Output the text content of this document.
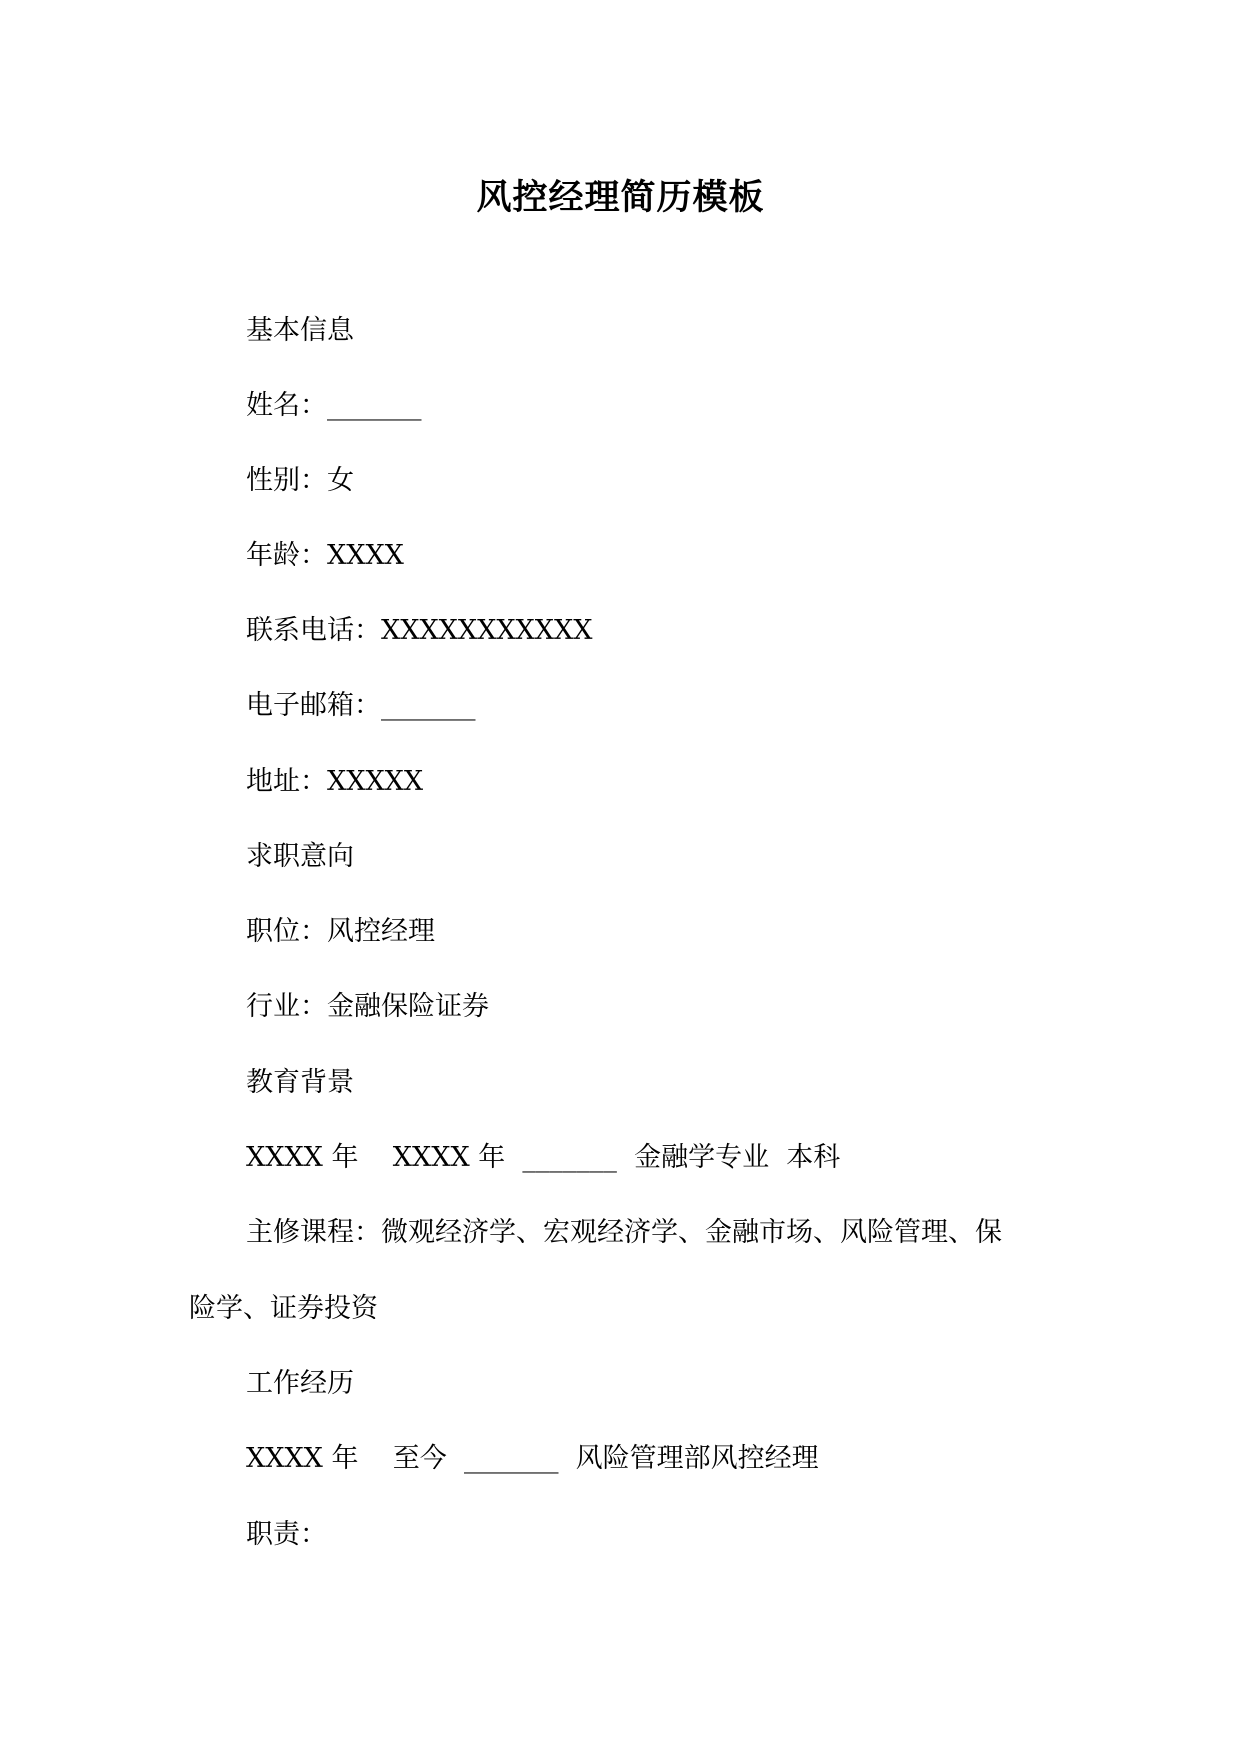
风控经理简历模板
基本信息
姓名：_______
性别：女
年龄：XXXX
联系电话：XXXXXXXXXXX
电子邮箱：_______
地址：XXXXX
求职意向
职位：风控经理
行业：金融保险证券
教育背景
XXXX 年    XXXX 年  _______  金融学专业  本科
主修课程：微观经济学、宏观经济学、金融市场、风险管理、保
险学、证券投资
工作经历
XXXX 年    至今  _______  风险管理部风控经理
职责：
